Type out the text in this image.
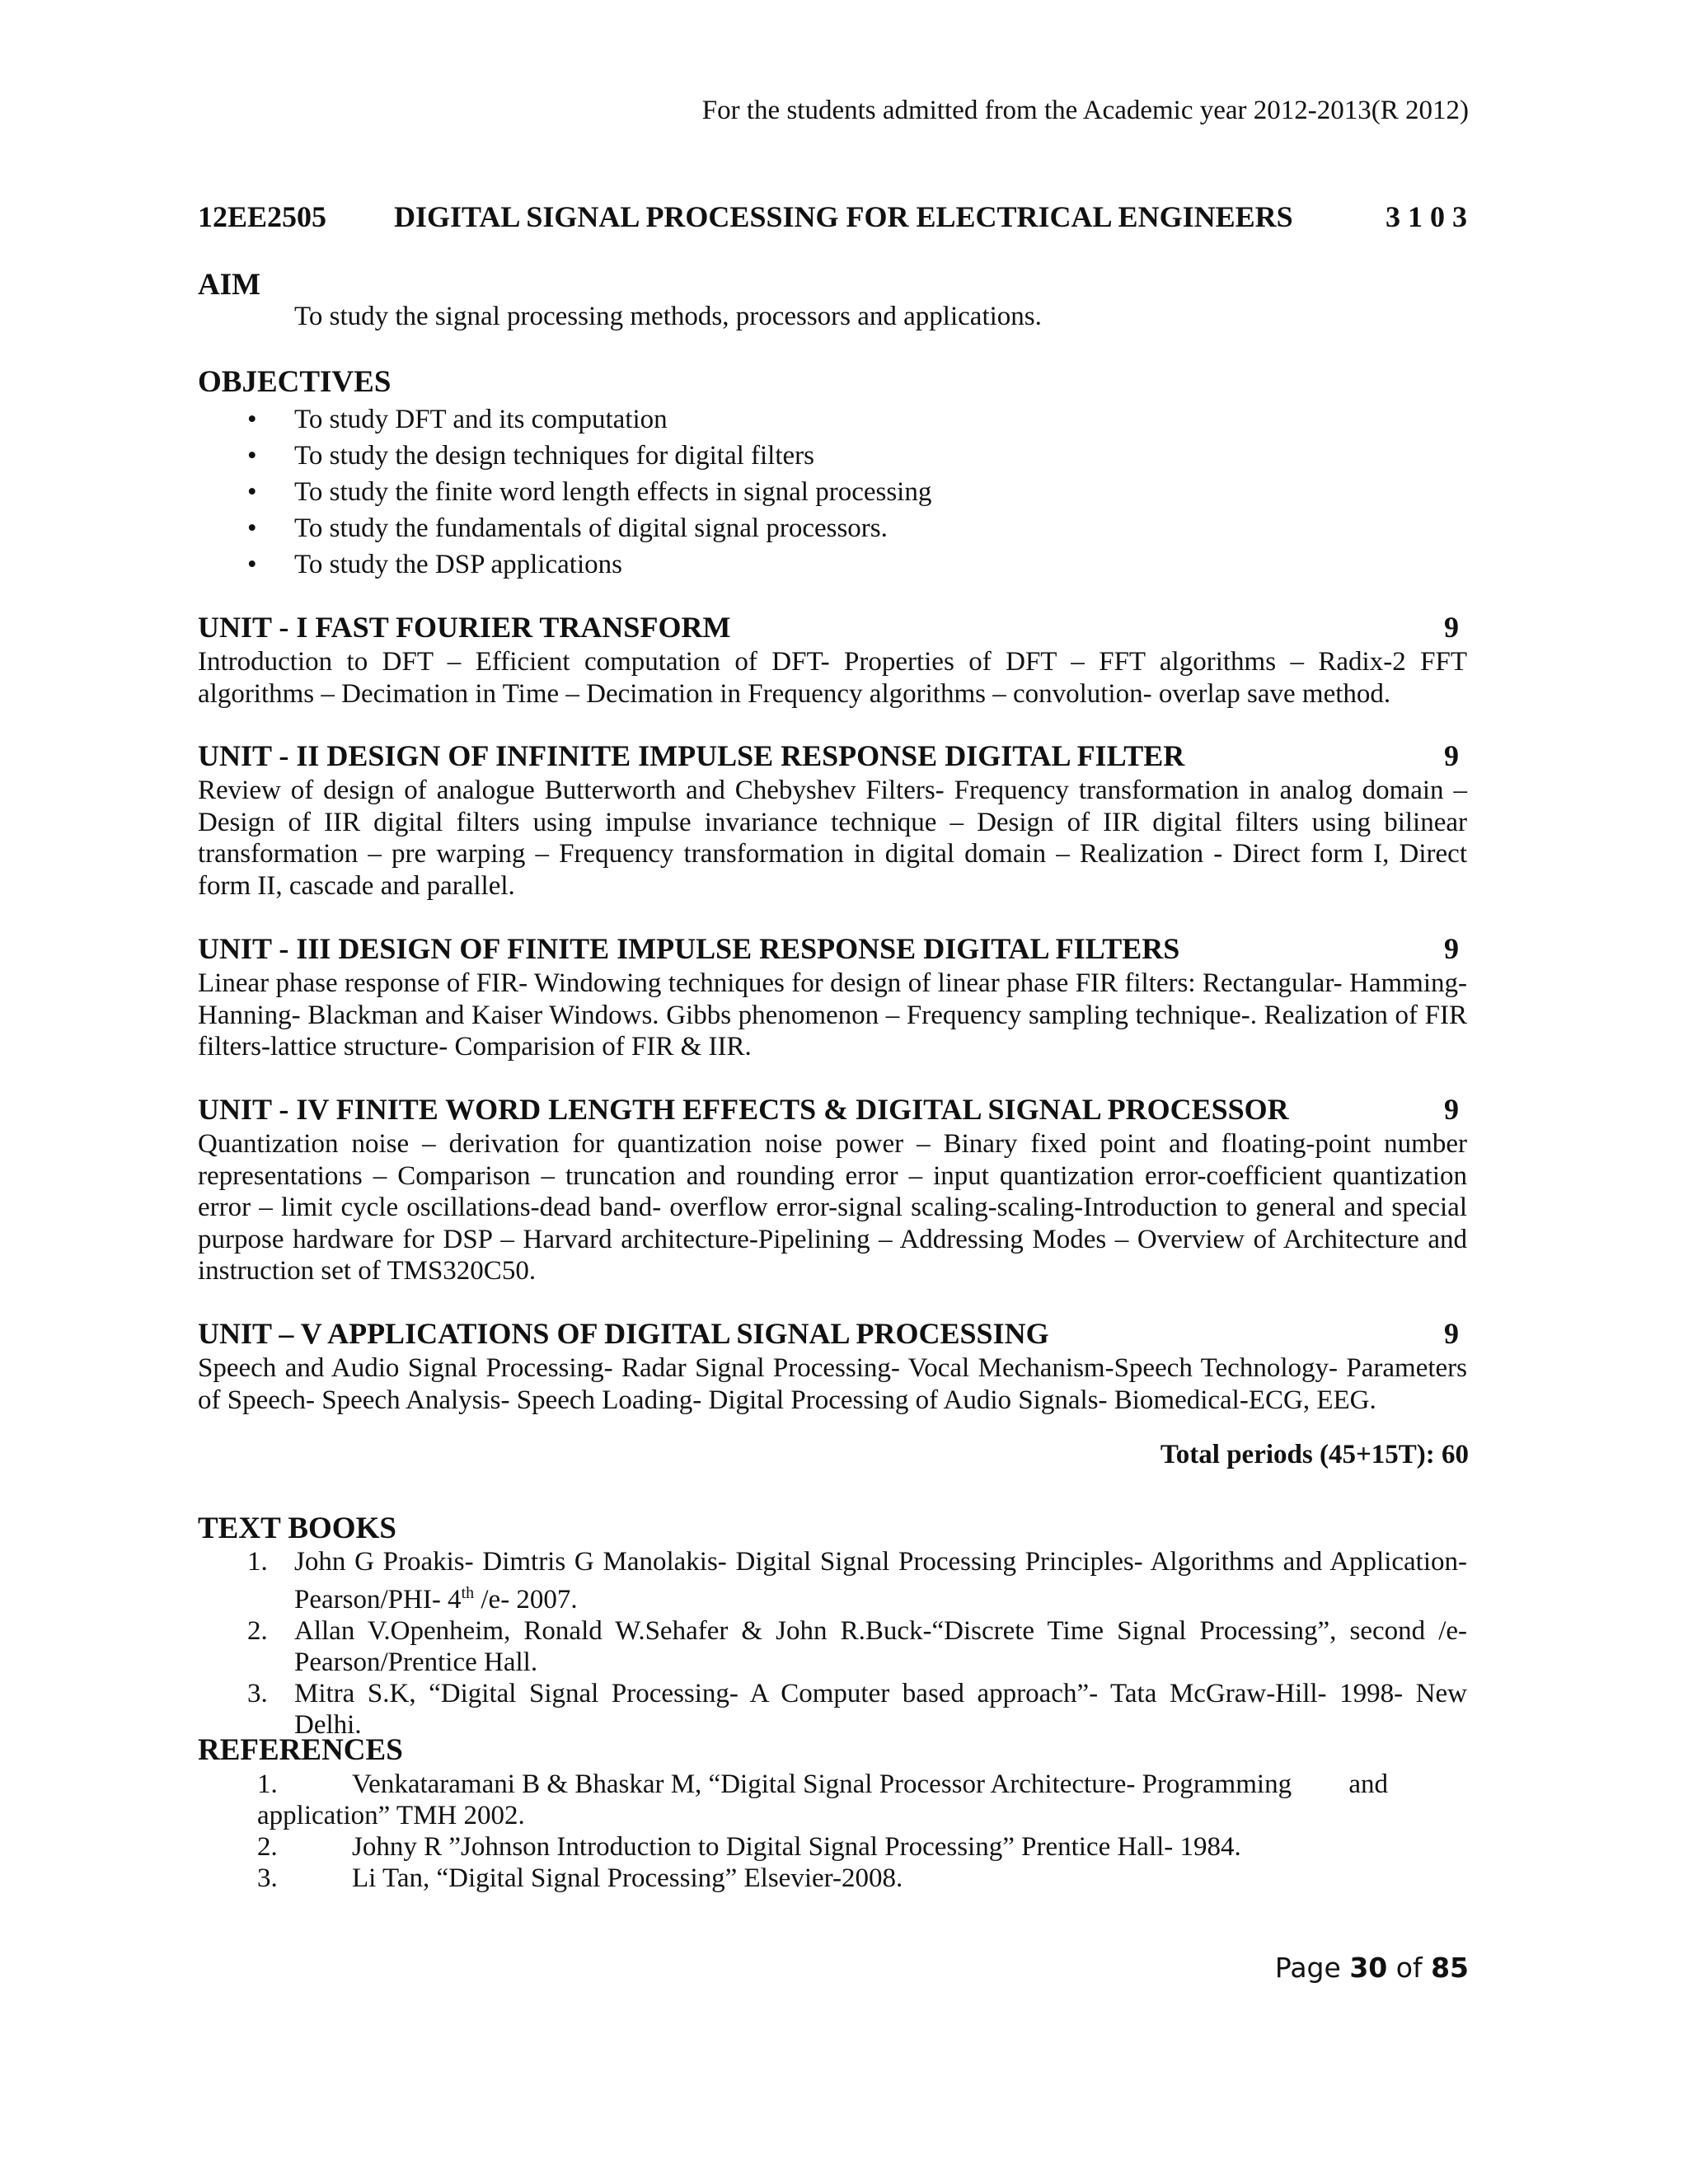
For the students admitted from the Academic year 2012-2013(R 2012)
12EE2505 DIGITAL SIGNAL PROCESSING FOR ELECTRICAL ENGINEERS	3 1 0 3
AIM
To study the signal processing methods, processors and applications.
OBJECTIVES
• To study DFT and its computation
• To study the design techniques for digital filters
• To study the finite word length effects in signal processing
• To study the fundamentals of digital signal processors.
• To study the DSP applications
UNIT - I FAST FOURIER TRANSFORM	9

Introduction to DFT – Efficient computation of DFT- Properties of DFT – FFT algorithms – Radix-2 FFT algorithms – Decimation in Time – Decimation in Frequency algorithms – convolution- overlap save method.

UNIT - II DESIGN OF INFINITE IMPULSE RESPONSE DIGITAL FILTER	9

Review of design of analogue Butterworth and Chebyshev Filters- Frequency transformation in analog domain – Design of IIR digital filters using impulse invariance technique – Design of IIR digital filters using bilinear transformation – pre warping – Frequency transformation in digital domain – Realization - Direct form I, Direct form II, cascade and parallel.

UNIT - III DESIGN OF FINITE IMPULSE RESPONSE DIGITAL FILTERS	9

Linear phase response of FIR- Windowing techniques for design of linear phase FIR filters: Rectangular- Hamming- Hanning- Blackman and Kaiser Windows. Gibbs phenomenon – Frequency sampling technique-. Realization of FIR filters-lattice structure- Comparision of FIR & IIR.

UNIT - IV FINITE WORD LENGTH EFFECTS & DIGITAL SIGNAL PROCESSOR	9

Quantization noise – derivation for quantization noise power – Binary fixed point and floating-point number representations – Comparison – truncation and rounding error – input quantization error-coefficient quantization error – limit cycle oscillations-dead band- overflow error-signal scaling-scaling-Introduction to general and special purpose hardware for DSP – Harvard architecture-Pipelining – Addressing Modes – Overview of Architecture and instruction set of TMS320C50.

UNIT – V APPLICATIONS OF DIGITAL SIGNAL PROCESSING	9

Speech and Audio Signal Processing- Radar Signal Processing- Vocal Mechanism-Speech Technology- Parameters of Speech- Speech Analysis- Speech Loading- Digital Processing of Audio Signals- Biomedical-ECG, EEG.

Total periods (45+15T): 60
TEXT BOOKS
1. John G Proakis- Dimtris G Manolakis- Digital Signal Processing Principles- Algorithms and Application-Pearson/PHI- 4th /e- 2007.
2. Allan V.Openheim, Ronald W.Sehafer & John R.Buck-“Discrete Time Signal Processing”, second /e- Pearson/Prentice Hall.
3. Mitra S.K, “Digital Signal Processing- A Computer based approach”- Tata McGraw-Hill- 1998- New Delhi.
REFERENCES
1.	Venkataramani B & Bhaskar M, “Digital Signal Processor Architecture- Programming and
application” TMH 2002.
2.	Johny R ”Johnson Introduction to Digital Signal Processing” Prentice Hall- 1984.
3.	Li Tan, “Digital Signal Processing” Elsevier-2008.
Page 30 of 85
